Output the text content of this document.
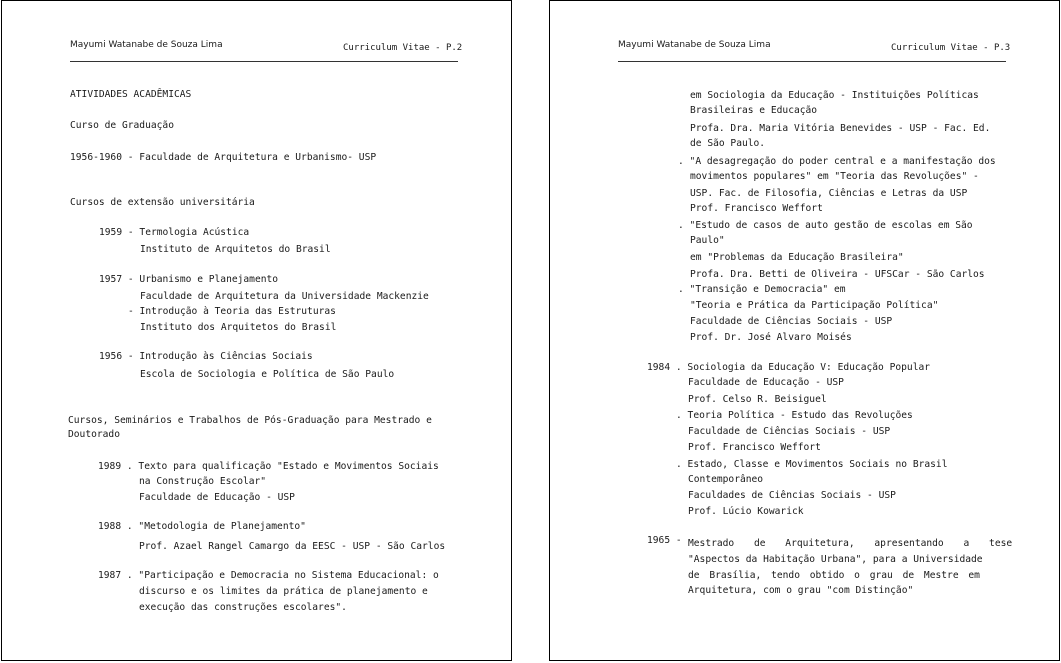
Mayumi Watanabe de Souza Lima	Curriculum Vitae - P.2
ATIVIDADES ACADÊMICAS
Curso de Graduação
1956-1960 - Faculdade de Arquitetura e Urbanismo- USP
Cursos de extensão universitária
1959 - Termologia Acústica
Instituto de Arquitetos do Brasil
1957 - Urbanismo e Planejamento
Faculdade de Arquitetura da Universidade Mackenzie
- Introdução à Teoria das Estruturas
Instituto dos Arquitetos do Brasil
1956 - Introdução às Ciências Sociais
Escola de Sociologia e Política de São Paulo
Cursos, Seminários e Trabalhos de Pós-Graduação para Mestrado e
Doutorado
1989 . Texto para qualificação "Estado e Movimentos Sociais
na Construção Escolar"
Faculdade de Educação - USP
1988 . "Metodologia de Planejamento"
Prof. Azael Rangel Camargo da EESC - USP - São Carlos
1987 . "Participação e Democracia no Sistema Educacional: o
discurso e os limites da prática de planejamento e
execução das construções escolares".
Mayumi Watanabe de Souza Lima	Curriculum Vitae - P.3
em Sociologia da Educação - Instituições Políticas
Brasileiras e Educação
Profa. Dra. Maria Vitória Benevides - USP - Fac. Ed.
de São Paulo.
. "A desagregação do poder central e a manifestação dos
movimentos populares" em "Teoria das Revoluções" -
USP. Fac. de Filosofia, Ciências e Letras da USP
Prof. Francisco Weffort
. "Estudo de casos de auto gestão de escolas em São
Paulo"
em "Problemas da Educação Brasileira"
Profa. Dra. Betti de Oliveira - UFSCar - São Carlos
. "Transição e Democracia" em
"Teoria e Prática da Participação Política"
Faculdade de Ciências Sociais - USP
Prof. Dr. José Alvaro Moisés
1984 . Sociologia da Educação V: Educação Popular
Faculdade de Educação - USP
Prof. Celso R. Beisiguel
. Teoria Política - Estudo das Revoluções
Faculdade de Ciências Sociais - USP
Prof. Francisco Weffort
. Estado, Classe e Movimentos Sociais no Brasil
Contemporâneo
Faculdades de Ciências Sociais - USP
Prof. Lúcio Kowarick
1965 - Mestrado de Arquitetura, apresentando a tese
"Aspectos da Habitação Urbana", para a Universidade
de Brasília, tendo obtido o grau de Mestre em
Arquitetura, com o grau "com Distinção"
